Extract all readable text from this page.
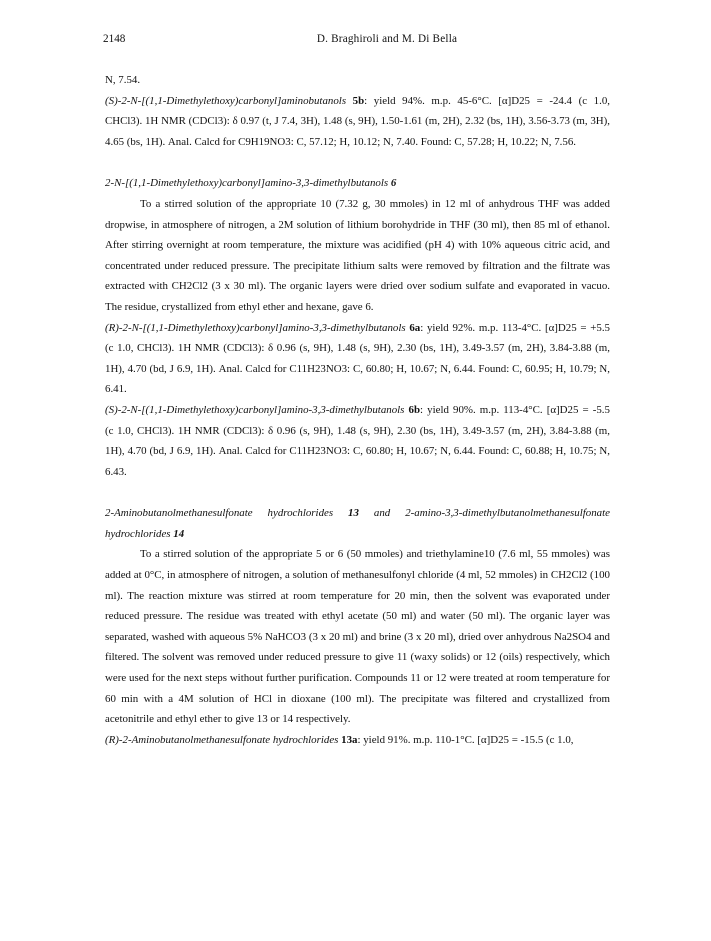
2148	D. Braghiroli and M. Di Bella

N, 7.54.

(S)-2-N-[(1,1-Dimethylethoxy)carbonyl]aminobutanols 5b: yield 94%. m.p. 45-6°C. [α]D25 = -24.4 (c 1.0, CHCl3). 1H NMR (CDCl3): δ 0.97 (t, J 7.4, 3H), 1.48 (s, 9H), 1.50-1.61 (m, 2H), 2.32 (bs, 1H), 3.56-3.73 (m, 3H), 4.65 (bs, 1H). Anal. Calcd for C9H19NO3: C, 57.12; H, 10.12; N, 7.40. Found: C, 57.28; H, 10.22; N, 7.56.

2-N-[(1,1-Dimethylethoxy)carbonyl]amino-3,3-dimethylbutanols 6

To a stirred solution of the appropriate 10 (7.32 g, 30 mmoles) in 12 ml of anhydrous THF was added dropwise, in atmosphere of nitrogen, a 2M solution of lithium borohydride in THF (30 ml), then 85 ml of ethanol. After stirring overnight at room temperature, the mixture was acidified (pH 4) with 10% aqueous citric acid, and concentrated under reduced pressure. The precipitate lithium salts were removed by filtration and the filtrate was extracted with CH2Cl2 (3 x 30 ml). The organic layers were dried over sodium sulfate and evaporated in vacuo. The residue, crystallized from ethyl ether and hexane, gave 6.

(R)-2-N-[(1,1-Dimethylethoxy)carbonyl]amino-3,3-dimethylbutanols 6a: yield 92%. m.p. 113-4°C. [α]D25 = +5.5 (c 1.0, CHCl3). 1H NMR (CDCl3): δ 0.96 (s, 9H), 1.48 (s, 9H), 2.30 (bs, 1H), 3.49-3.57 (m, 2H), 3.84-3.88 (m, 1H), 4.70 (bd, J 6.9, 1H). Anal. Calcd for C11H23NO3: C, 60.80; H, 10.67; N, 6.44. Found: C, 60.95; H, 10.79; N, 6.41.

(S)-2-N-[(1,1-Dimethylethoxy)carbonyl]amino-3,3-dimethylbutanols 6b: yield 90%. m.p. 113-4°C. [α]D25 = -5.5 (c 1.0, CHCl3). 1H NMR (CDCl3): δ 0.96 (s, 9H), 1.48 (s, 9H), 2.30 (bs, 1H), 3.49-3.57 (m, 2H), 3.84-3.88 (m, 1H), 4.70 (bd, J 6.9, 1H). Anal. Calcd for C11H23NO3: C, 60.80; H, 10.67; N, 6.44. Found: C, 60.88; H, 10.75; N, 6.43.

2-Aminobutanolmethanesulfonate hydrochlorides 13 and 2-amino-3,3-dimethylbutanolmethanesulfonate hydrochlorides 14

To a stirred solution of the appropriate 5 or 6 (50 mmoles) and triethylamine10 (7.6 ml, 55 mmoles) was added at 0°C, in atmosphere of nitrogen, a solution of methanesulfonyl chloride (4 ml, 52 mmoles) in CH2Cl2 (100 ml). The reaction mixture was stirred at room temperature for 20 min, then the solvent was evaporated under reduced pressure. The residue was treated with ethyl acetate (50 ml) and water (50 ml). The organic layer was separated, washed with aqueous 5% NaHCO3 (3 x 20 ml) and brine (3 x 20 ml), dried over anhydrous Na2SO4 and filtered. The solvent was removed under reduced pressure to give 11 (waxy solids) or 12 (oils) respectively, which were used for the next steps without further purification. Compounds 11 or 12 were treated at room temperature for 60 min with a 4M solution of HCl in dioxane (100 ml). The precipitate was filtered and crystallized from acetonitrile and ethyl ether to give 13 or 14 respectively.

(R)-2-Aminobutanolmethanesulfonate hydrochlorides 13a: yield 91%. m.p. 110-1°C. [α]D25 = -15.5 (c 1.0,
